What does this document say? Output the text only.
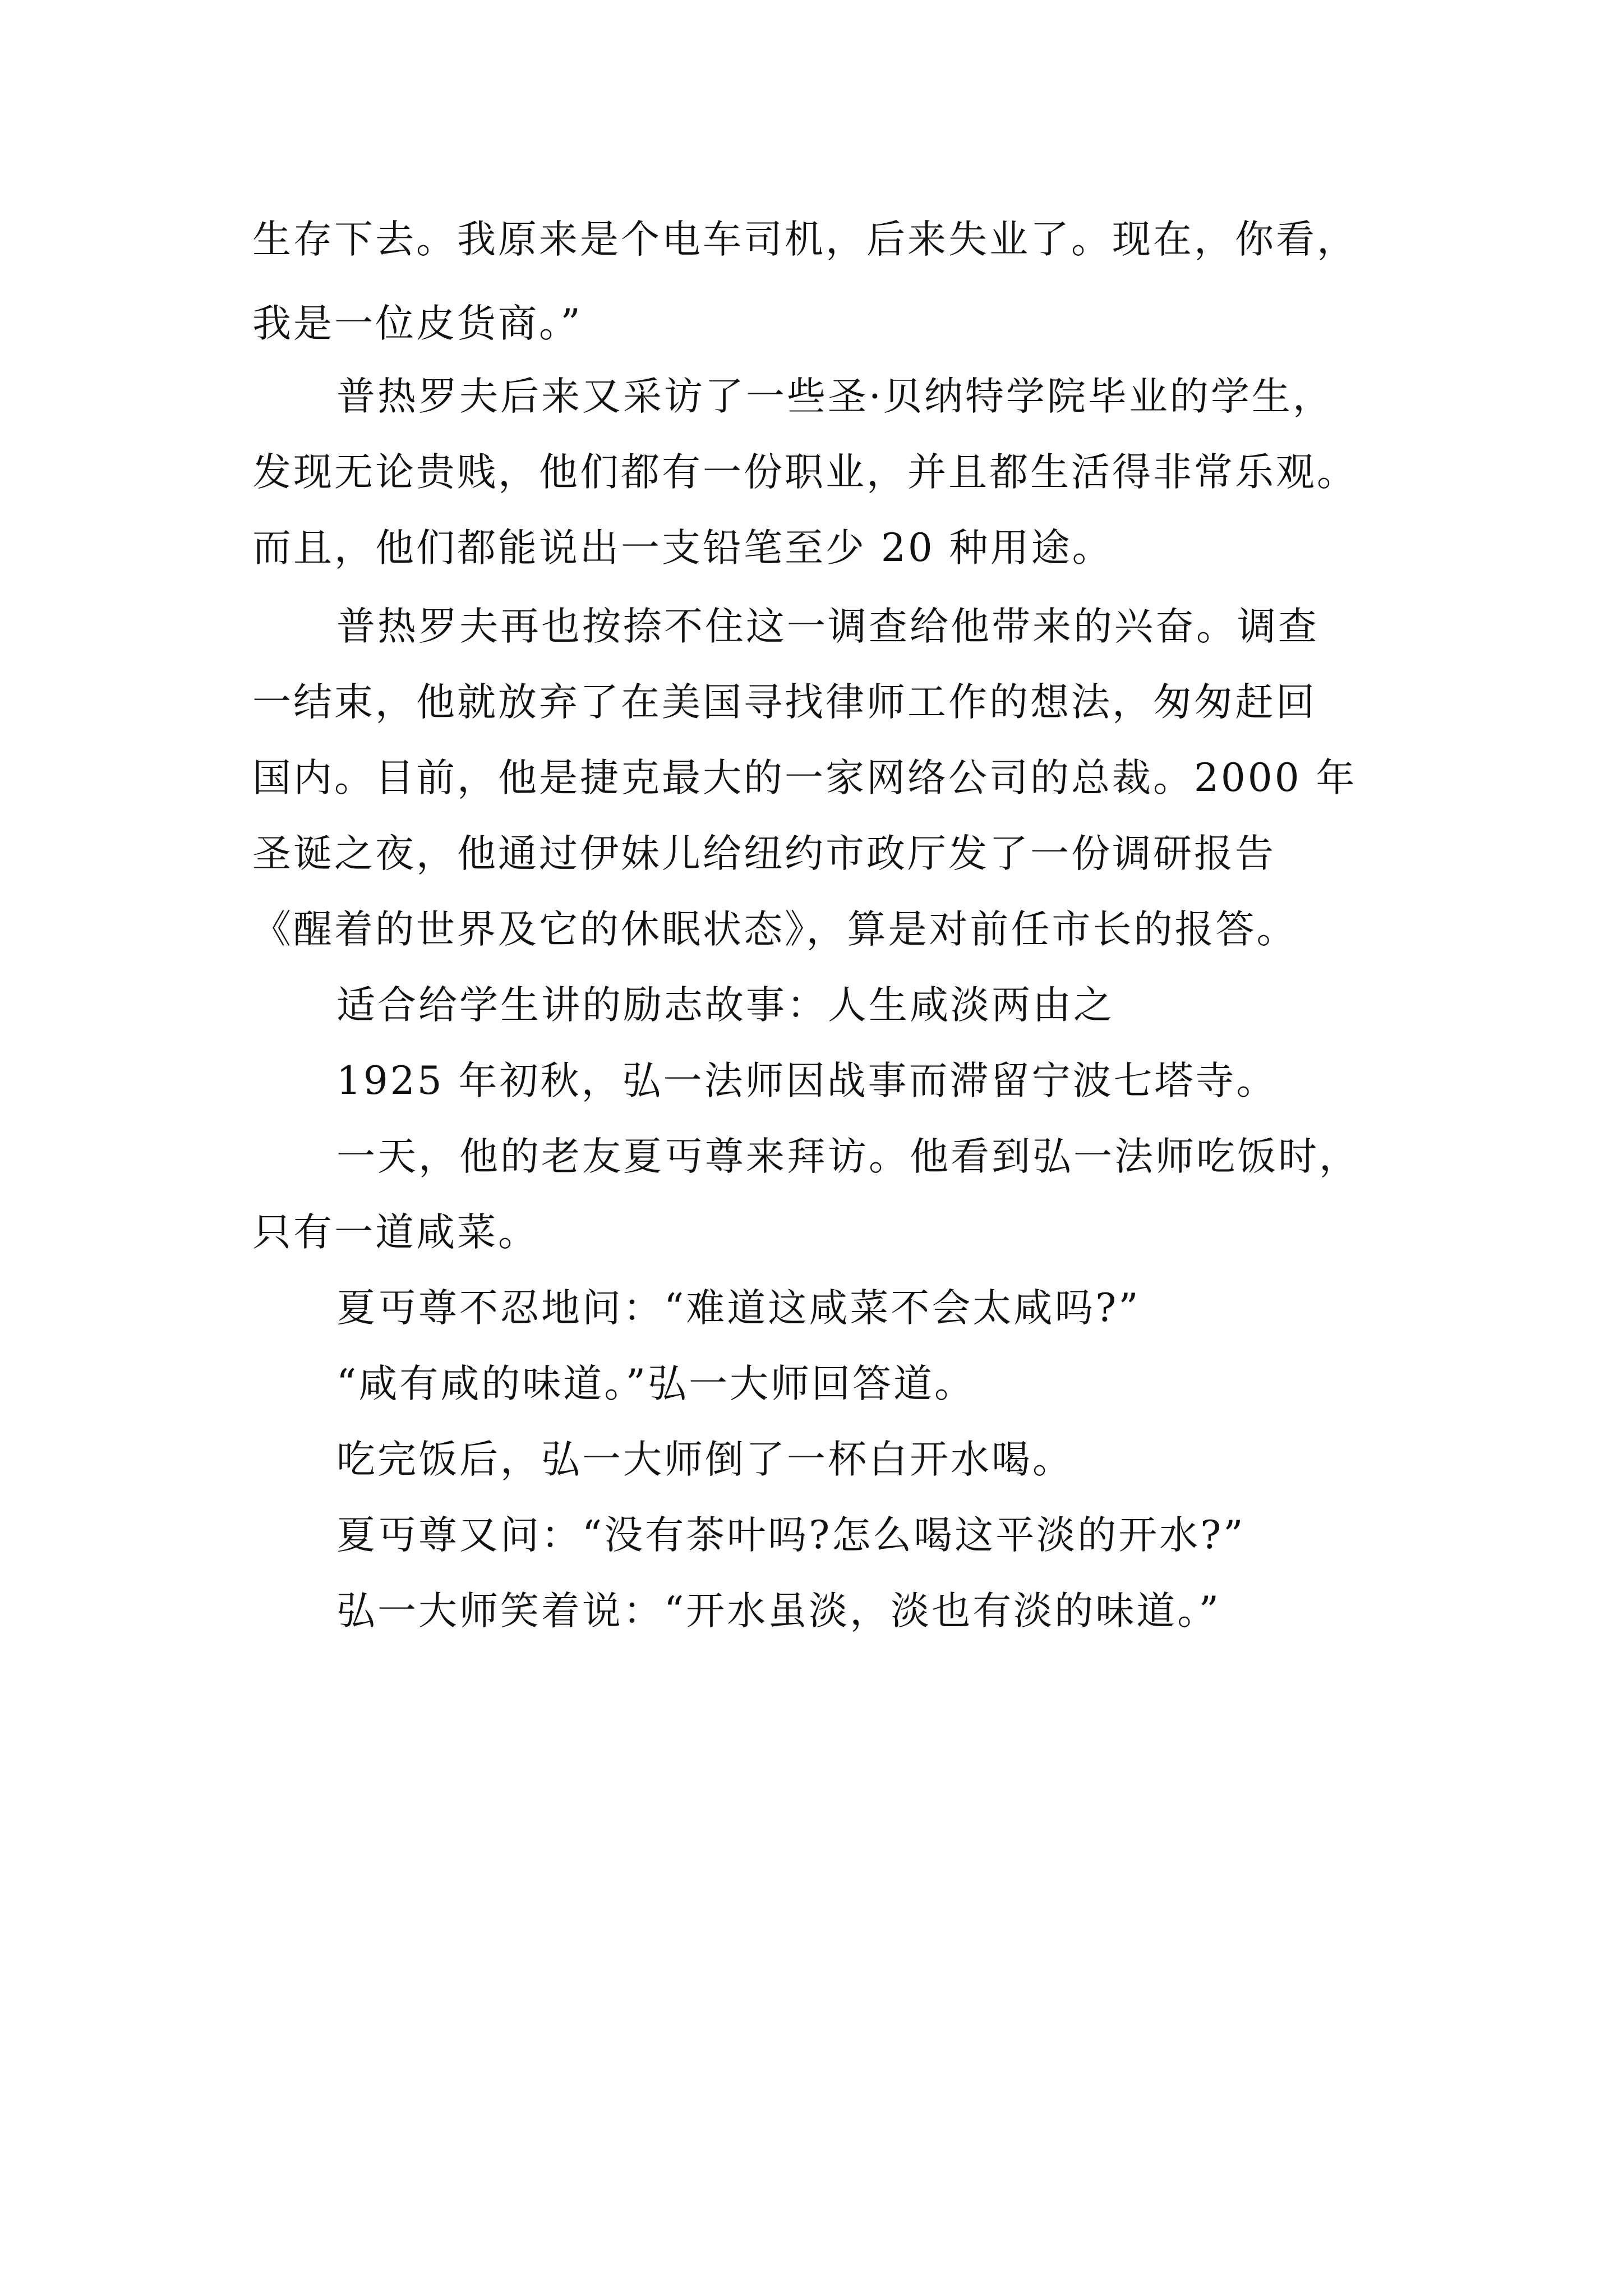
生存下去。我原来是个电车司机，后来失业了。现在，你看，
我是一位皮货商。”
普热罗夫后来又采访了一些圣·贝纳特学院毕业的学生，
发现无论贵贱，他们都有一份职业，并且都生活得非常乐观。
而且，他们都能说出一支铅笔至少 20 种用途。
普热罗夫再也按捺不住这一调查给他带来的兴奋。调查
一结束，他就放弃了在美国寻找律师工作的想法，匆匆赶回
国内。目前，他是捷克最大的一家网络公司的总裁。2000 年
圣诞之夜，他通过伊妹儿给纽约市政厅发了一份调研报告
《醒着的世界及它的休眠状态》，算是对前任市长的报答。
适合给学生讲的励志故事：人生咸淡两由之
1925 年初秋，弘一法师因战事而滞留宁波七塔寺。
一天，他的老友夏丏尊来拜访。他看到弘一法师吃饭时，
只有一道咸菜。
夏丏尊不忍地问：“难道这咸菜不会太咸吗?”
“咸有咸的味道。”弘一大师回答道。
吃完饭后，弘一大师倒了一杯白开水喝。
夏丏尊又问：“没有茶叶吗?怎么喝这平淡的开水?”
弘一大师笑着说：“开水虽淡，淡也有淡的味道。”
